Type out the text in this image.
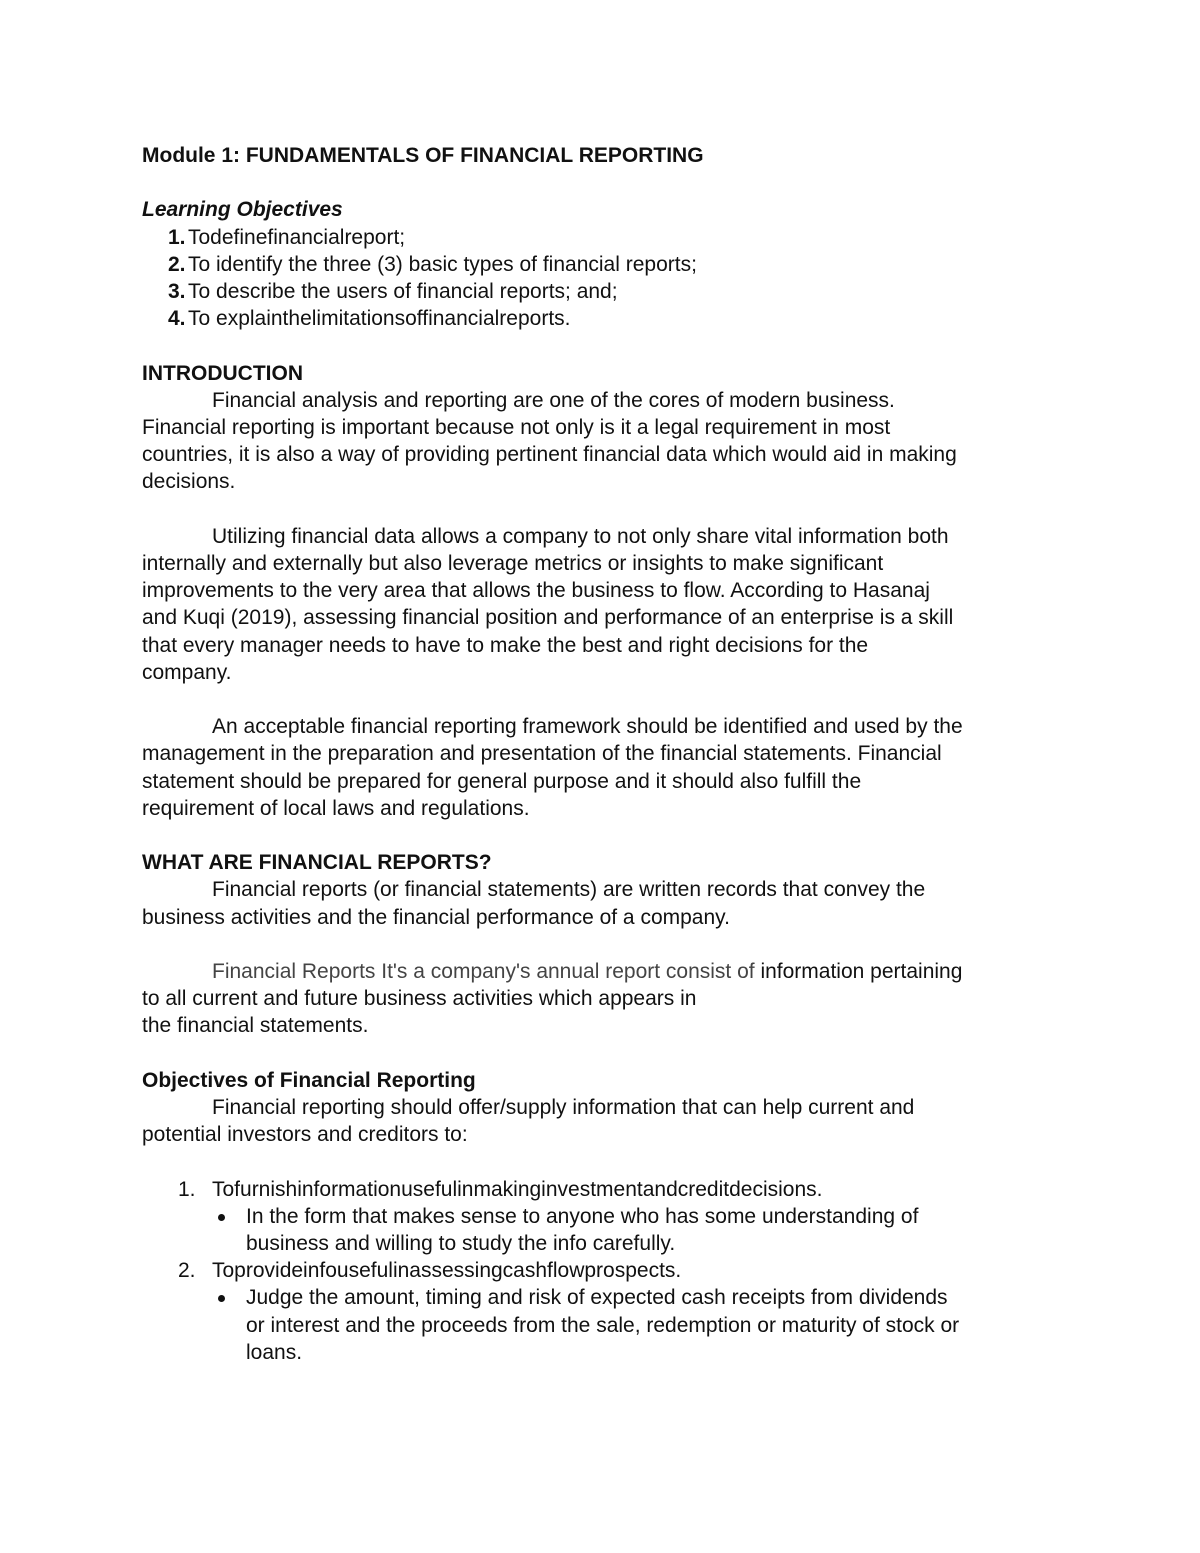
Module 1: FUNDAMENTALS OF FINANCIAL REPORTING
Learning Objectives
1. Todefinefinancialreport;
2. To identify the three (3) basic types of financial reports;
3. To describe the users of financial reports; and;
4. To explainthelimitationsoffinancialreports.
INTRODUCTION
Financial analysis and reporting are one of the cores of modern business.
Financial reporting is important because not only is it a legal requirement in most
countries, it is also a way of providing pertinent financial data which would aid in making
decisions.
Utilizing financial data allows a company to not only share vital information both
internally and externally but also leverage metrics or insights to make significant
improvements to the very area that allows the business to flow. According to Hasanaj
and Kuqi (2019), assessing financial position and performance of an enterprise is a skill
that every manager needs to have to make the best and right decisions for the
company.
An acceptable financial reporting framework should be identified and used by the
management in the preparation and presentation of the financial statements. Financial
statement should be prepared for general purpose and it should also fulfill the
requirement of local laws and regulations.
WHAT ARE FINANCIAL REPORTS?
Financial reports (or financial statements) are written records that convey the
business activities and the financial performance of a company.
Financial Reports It's a company's annual report consist of information pertaining
to all current and future business activities which appears in
the financial statements.
Objectives of Financial Reporting
Financial reporting should offer/supply information that can help current and
potential investors and creditors to:
1. Tofurnishinformationusefulinmakinginvestmentandcreditdecisions.
In the form that makes sense to anyone who has some understanding of
business and willing to study the info carefully.
2. Toprovideinfousefulinassessingcashflowprospects.
Judge the amount, timing and risk of expected cash receipts from dividends
or interest and the proceeds from the sale, redemption or maturity of stock or
loans.
